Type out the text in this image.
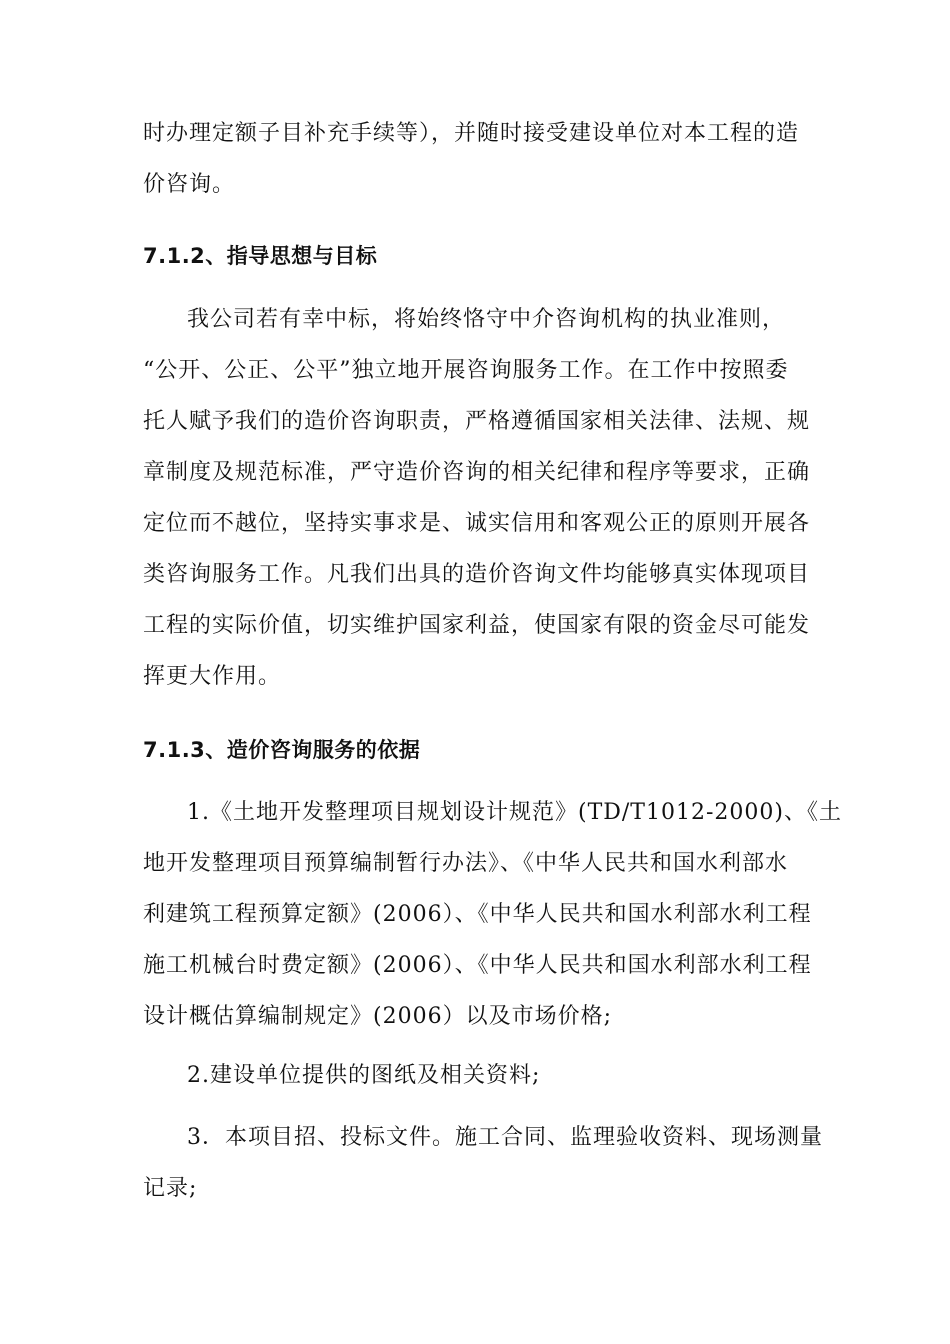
时办理定额子目补充手续等），并随时接受建设单位对本工程的造
价咨询。
7.1.2、指导思想与目标
我公司若有幸中标，将始终恪守中介咨询机构的执业准则，
“公开、公正、公平”独立地开展咨询服务工作。在工作中按照委
托人赋予我们的造价咨询职责，严格遵循国家相关法律、法规、规
章制度及规范标准，严守造价咨询的相关纪律和程序等要求，正确
定位而不越位，坚持实事求是、诚实信用和客观公正的原则开展各
类咨询服务工作。凡我们出具的造价咨询文件均能够真实体现项目
工程的实际价值，切实维护国家利益，使国家有限的资金尽可能发
挥更大作用。
7.1.3、造价咨询服务的依据
1.《土地开发整理项目规划设计规范》(TD/T1012-2000)、《土
地开发整理项目预算编制暂行办法》、《中华人民共和国水利部水
利建筑工程预算定额》(2006）、《中华人民共和国水利部水利工程
施工机械台时费定额》(2006）、《中华人民共和国水利部水利工程
设计概估算编制规定》(2006）以及市场价格;
2.建设单位提供的图纸及相关资料;
3．本项目招、投标文件。施工合同、监理验收资料、现场测量
记录;
